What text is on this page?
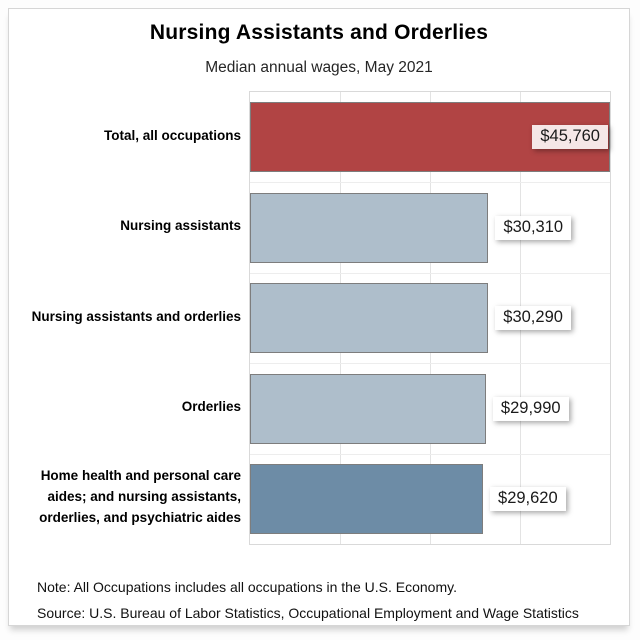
Nursing Assistants and Orderlies
Median annual wages, May 2021
Total, all occupations
Nursing assistants
Nursing assistants and orderlies
Orderlies
Home health and personal care aides; and nursing assistants, orderlies, and psychiatric aides
$45,760
$30,310
$30,290
$29,990
$29,620
Note: All Occupations includes all occupations in the U.S. Economy.
Source: U.S. Bureau of Labor Statistics, Occupational Employment and Wage Statistics
